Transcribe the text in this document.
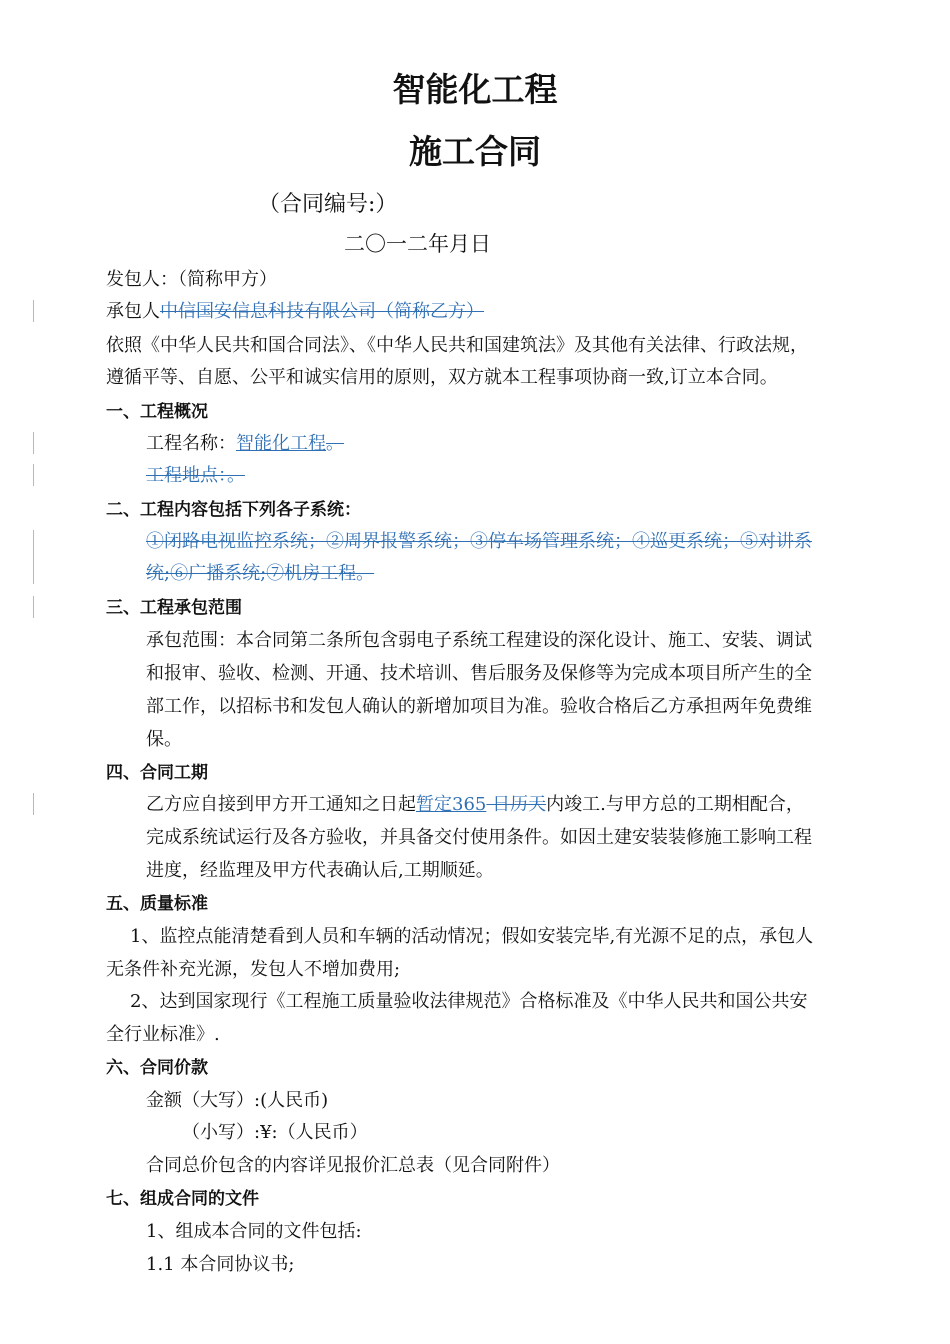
智能化工程
施工合同
（合同编号:）
二〇一二年月日
发包人：（简称甲方）
承包人中信国安信息科技有限公司（简称乙方）
依照《中华人民共和国合同法》、《中华人民共和国建筑法》及其他有关法律、行政法规，
遵循平等、自愿、公平和诚实信用的原则，双方就本工程事项协商一致,订立本合同。
一、工程概况
工程名称：智能化工程。
工程地点：。
二、工程内容包括下列各子系统：
①闭路电视监控系统；②周界报警系统；③停车场管理系统；④巡更系统；⑤对讲系
统;⑥广播系统;⑦机房工程。
三、工程承包范围
承包范围：本合同第二条所包含弱电子系统工程建设的深化设计、施工、安装、调试
和报审、验收、检测、开通、技术培训、售后服务及保修等为完成本项目所产生的全
部工作，以招标书和发包人确认的新增加项目为准。验收合格后乙方承担两年免费维
保。
四、合同工期
乙方应自接到甲方开工通知之日起暂定365 日历天内竣工.与甲方总的工期相配合，
完成系统试运行及各方验收，并具备交付使用条件。如因土建安装装修施工影响工程
进度，经监理及甲方代表确认后,工期顺延。
五、质量标准
1、监控点能清楚看到人员和车辆的活动情况；假如安装完毕,有光源不足的点，承包人
无条件补充光源，发包人不增加费用;
2、达到国家现行《工程施工质量验收法律规范》合格标准及《中华人民共和国公共安
全行业标准》.
六、合同价款
金额（大写）:(人民币)
（小写）:¥:（人民币）
合同总价包含的内容详见报价汇总表（见合同附件）
七、组成合同的文件
1、组成本合同的文件包括:
1.1 本合同协议书;
